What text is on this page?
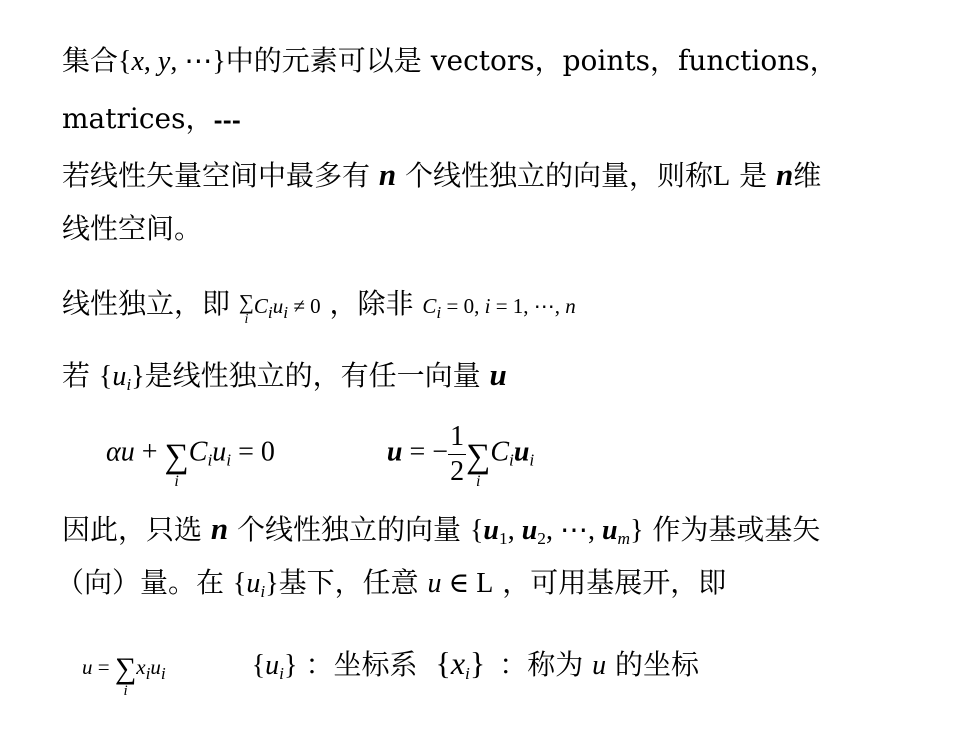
集合{x, y, ⋯}中的元素可以是 vectors，points，functions，
matrices，---
若线性矢量空间中最多有 n 个线性独立的向量，则称L 是 n维
线性空间。
线性独立，即 ∑
i
$C_iu_i \ne 0$ ，除非 $C_i = 0$, i = 1, ⋯, n
若 $\{u_i\}$是线性独立的，有任一向量 u
αu + ∑
i
$C_iu_i = 0$	u = − $\frac{1}{2}$ ∑
i
$C_iu_i$
因此，只选 n 个线性独立的向量 {$u_1$, $u_2$, ⋯, $u_m$} 作为基或基矢
（向）量。在 $\{u_i\}$基下，任意 u ∈ L ，可用基展开，即
u = ∑
i
$x_iu_i$	$\{u_i\}$ ：坐标系 $\{x_i\}$ ：称为 u 的坐标
